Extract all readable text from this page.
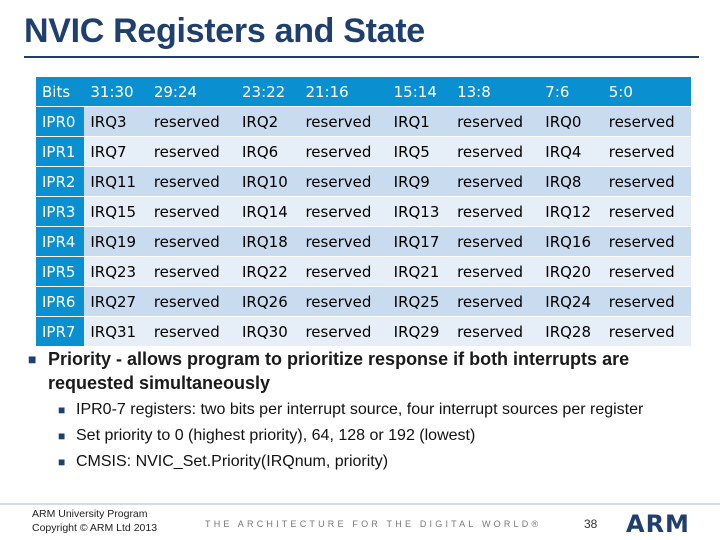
NVIC Registers and State
Bits	31:30	29:24	23:22	21:16	15:14	13:8	7:6	5:0
IPR0	IRQ3	reserved	IRQ2	reserved	IRQ1	reserved	IRQ0	reserved
IPR1	IRQ7	reserved	IRQ6	reserved	IRQ5	reserved	IRQ4	reserved
IPR2	IRQ11	reserved	IRQ10	reserved	IRQ9	reserved	IRQ8	reserved
IPR3	IRQ15	reserved	IRQ14	reserved	IRQ13	reserved	IRQ12	reserved
IPR4	IRQ19	reserved	IRQ18	reserved	IRQ17	reserved	IRQ16	reserved
IPR5	IRQ23	reserved	IRQ22	reserved	IRQ21	reserved	IRQ20	reserved
IPR6	IRQ27	reserved	IRQ26	reserved	IRQ25	reserved	IRQ24	reserved
IPR7	IRQ31	reserved	IRQ30	reserved	IRQ29	reserved	IRQ28	reserved
■ Priority - allows program to prioritize response if both interrupts are requested simultaneously
■ IPR0-7 registers: two bits per interrupt source, four interrupt sources per register
■ Set priority to 0 (highest priority), 64, 128 or 192 (lowest)
■ CMSIS: NVIC_Set.Priority(IRQnum, priority)
ARM University Program
Copyright © ARM Ltd 2013	THE ARCHITECTURE FOR THE DIGITAL WORLD®	38 ARM
